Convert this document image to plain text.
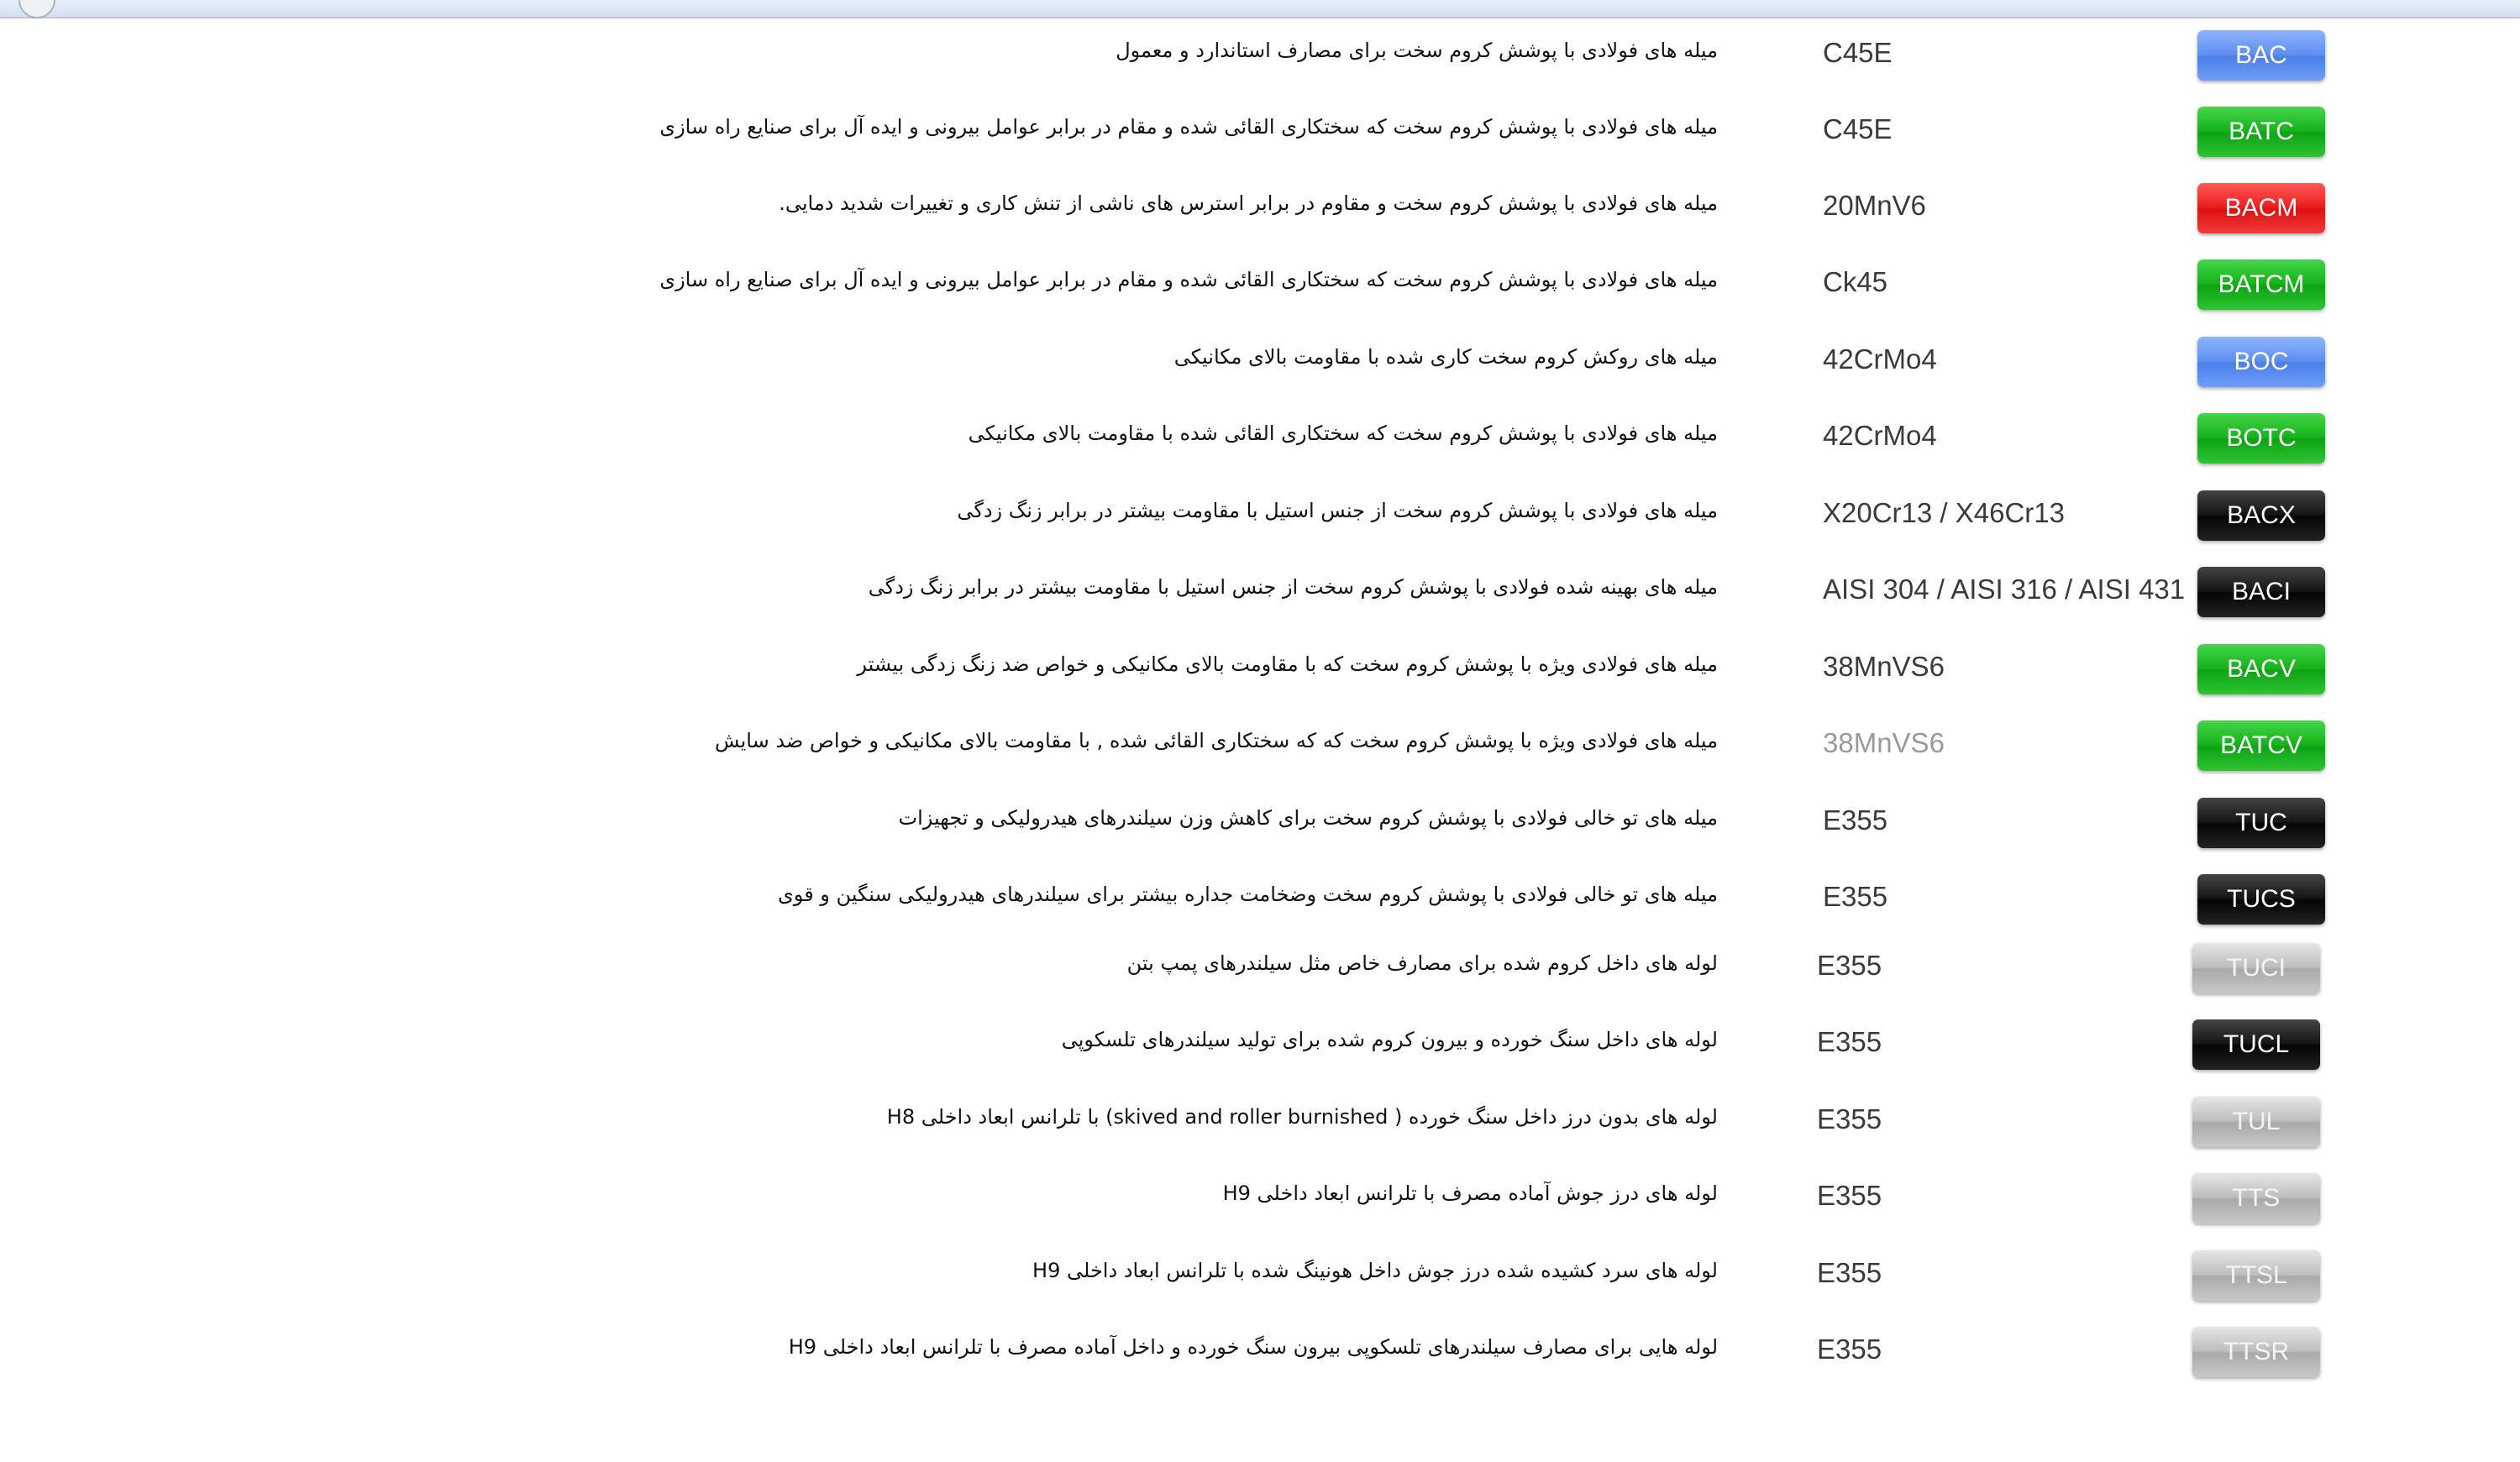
میله های فولادی با پوشش کروم سخت برای مصارف استاندارد و معمول	C45E	BAC
میله های فولادی با پوشش کروم سخت که سختکاری القائی شده و مقام در برابر عوامل بیرونی و ایده آل برای صنایع راه سازی	C45E	BATC
میله های فولادی با پوشش کروم سخت و مقاوم در برابر استرس های ناشی از تنش کاری و تغییرات شدید دمایی.	20MnV6	BACM
میله های فولادی با پوشش کروم سخت که سختکاری القائی شده و مقام در برابر عوامل بیرونی و ایده آل برای صنایع راه سازی	Ck45	BATCM
میله های روکش کروم سخت کاری شده با مقاومت بالای مکانیکی	42CrMo4	BOC
میله های فولادی با پوشش کروم سخت که سختکاری القائی شده با مقاومت بالای مکانیکی	42CrMo4	BOTC
میله های فولادی با پوشش کروم سخت از جنس استیل با مقاومت بیشتر در برابر زنگ زدگی	X20Cr13 / X46Cr13	BACX
میله های بهینه شده فولادی با پوشش کروم سخت از جنس استیل با مقاومت بیشتر در برابر زنگ زدگی	AISI 304 / AISI 316 / AISI 431	BACI
میله های فولادی ویژه با پوشش کروم سخت که با مقاومت بالای مکانیکی و خواص ضد زنگ زدگی بیشتر	38MnVS6	BACV
میله های فولادی ویژه با پوشش کروم سخت که که سختکاری القائی شده , با مقاومت بالای مکانیکی و خواص ضد سایش	38MnVS6	BATCV
میله های تو خالی فولادی با پوشش کروم سخت برای کاهش وزن سیلندرهای هیدرولیکی و تجهیزات	E355	TUC
میله های تو خالی فولادی با پوشش کروم سخت وضخامت جداره بیشتر برای سیلندرهای هیدرولیکی سنگین و قوی	E355	TUCS
لوله های داخل کروم شده برای مصارف خاص مثل سیلندرهای پمپ بتن	E355	TUCI
لوله های داخل سنگ خورده و بیرون کروم شده برای تولید سیلندرهای تلسکوپی	E355	TUCL
لوله های بدون درز داخل سنگ خورده ( skived and roller burnished) با تلرانس ابعاد داخلی H8	E355	TUL
لوله های درز جوش آماده مصرف با تلرانس ابعاد داخلی H9	E355	TTS
لوله های سرد کشیده شده درز جوش داخل هونینگ شده با تلرانس ابعاد داخلی H9	E355	TTSL
لوله هایی برای مصارف سیلندرهای تلسکوپی بیرون سنگ خورده و داخل آماده مصرف با تلرانس ابعاد داخلی H9	E355	TTSR
